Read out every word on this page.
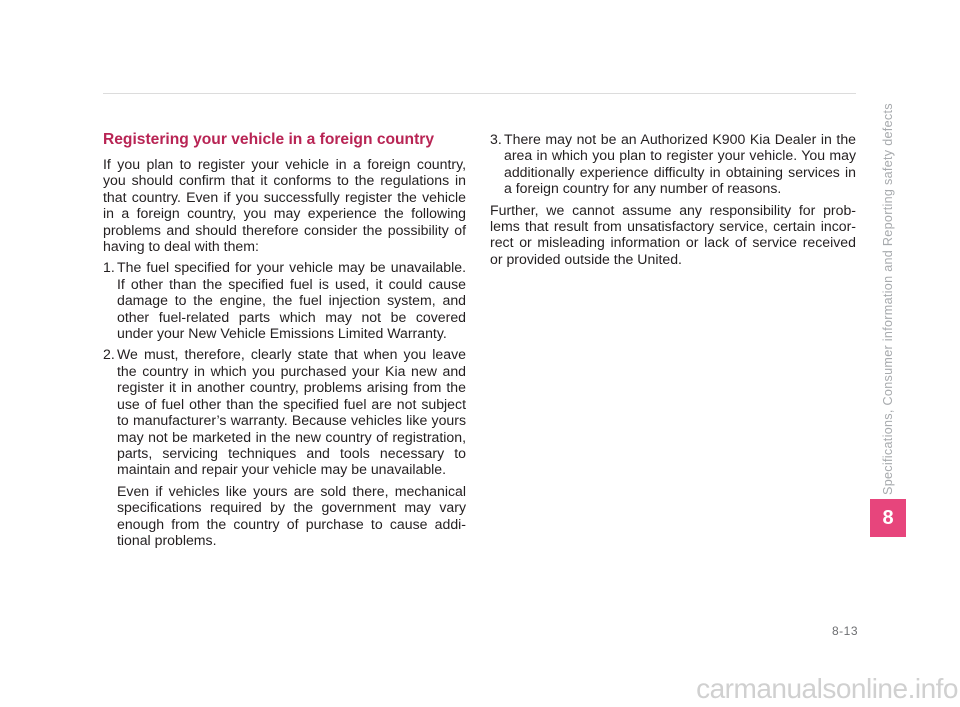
Registering your vehicle in a foreign country
If you plan to register your vehicle in a foreign country, you should confirm that it conforms to the regulations in that country. Even if you successfully register the vehicle in a foreign country, you may experience the following problems and should therefore consider the possibility of having to deal with them:
1. The fuel specified for your vehicle may be unavailable. If other than the specified fuel is used, it could cause damage to the engine, the fuel injection system, and other fuel-related parts which may not be covered under your New Vehicle Emissions Limited Warranty.
2. We must, therefore, clearly state that when you leave the country in which you purchased your Kia new and register it in another country, problems arising from the use of fuel other than the specified fuel are not subject to manufacturer’s warranty. Because vehicles like yours may not be marketed in the new country of registration, parts, servicing techniques and tools necessary to maintain and repair your vehicle may be unavailable.
Even if vehicles like yours are sold there, mechanical specifications required by the government may vary enough from the country of purchase to cause addi-tional problems.
3. There may not be an Authorized K900 Kia Dealer in the area in which you plan to register your vehicle. You may additionally experience difficulty in obtaining services in a foreign country for any number of reasons.
Further, we cannot assume any responsibility for prob-lems that result from unsatisfactory service, certain incor-rect or misleading information or lack of service received or provided outside the United.	Specifications, Consumer information and Reporting safety defects
8
8-13
carmanualsonline.info
